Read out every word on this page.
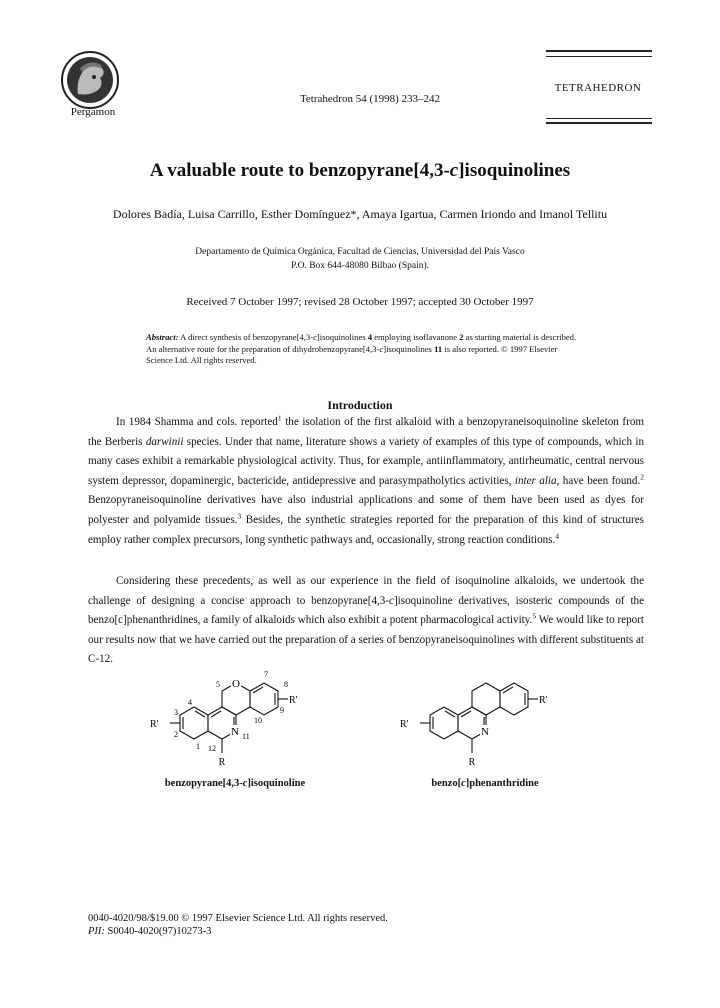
Pergamon
Tetrahedron 54 (1998) 233–242
TETRAHEDRON
A valuable route to benzopyrane[4,3-c]isoquinolines
Dolores Badía, Luisa Carrillo, Esther Domínguez*, Amaya Igartua, Carmen Iriondo and Imanol Tellitu
Departamento de Química Orgánica, Facultad de Ciencias, Universidad del País Vasco
P.O. Box 644-48080 Bilbao (Spain).
Received 7 October 1997; revised 28 October 1997; accepted 30 October 1997
Abstract: A direct synthesis of benzopyrane[4,3-c]isoquinolines 4 employing isoflavanone 2 as starting material is described. An alternative route for the preparation of dihydrobenzopyrane[4,3-c]isoquinolines 11 is also reported. © 1997 Elsevier Science Ltd. All rights reserved.
Introduction
In 1984 Shamma and cols. reported$^1$ the isolation of the first alkaloid with a benzopyraneisoquinoline skeleton from the Berberis darwinii species. Under that name, literature shows a variety of examples of this type of compounds, which in many cases exhibit a remarkable physiological activity. Thus, for example, antiinflammatory, antirheumatic, central nervous system depressor, dopaminergic, bactericide, antidepressive and parasympatholytics activities, inter alia, have been found.$^2$ Benzopyraneisoquinoline derivatives have also industrial applications and some of them have been used as dyes for polyester and polyamide tissues.$^3$ Besides, the synthetic strategies reported for the preparation of this kind of structures employ rather complex precursors, long synthetic pathways and, occasionally, strong reaction conditions.$^4$
Considering these precedents, as well as our experience in the field of isoquinoline alkaloids, we undertook the challenge of designing a concise approach to benzopyrane[4,3-c]isoquinoline derivatives, isosteric compounds of the benzo[c]phenanthridines, a family of alkaloids which also exhibit a potent pharmacological activity.$^5$ We would like to report our results now that we have carried out the preparation of a series of benzopyraneisoquinolines with different substituents at C-12.
O
N
R'
R'
R
5
7
8
9
4
3
2
10
11
1 12
benzopyrane[4,3-c]isoquinoline
N
R'
R'
R
benzo[c]phenanthridine
0040-4020/98/$19.00 © 1997 Elsevier Science Ltd. All rights reserved.
PII: S0040-4020(97)10273-3
